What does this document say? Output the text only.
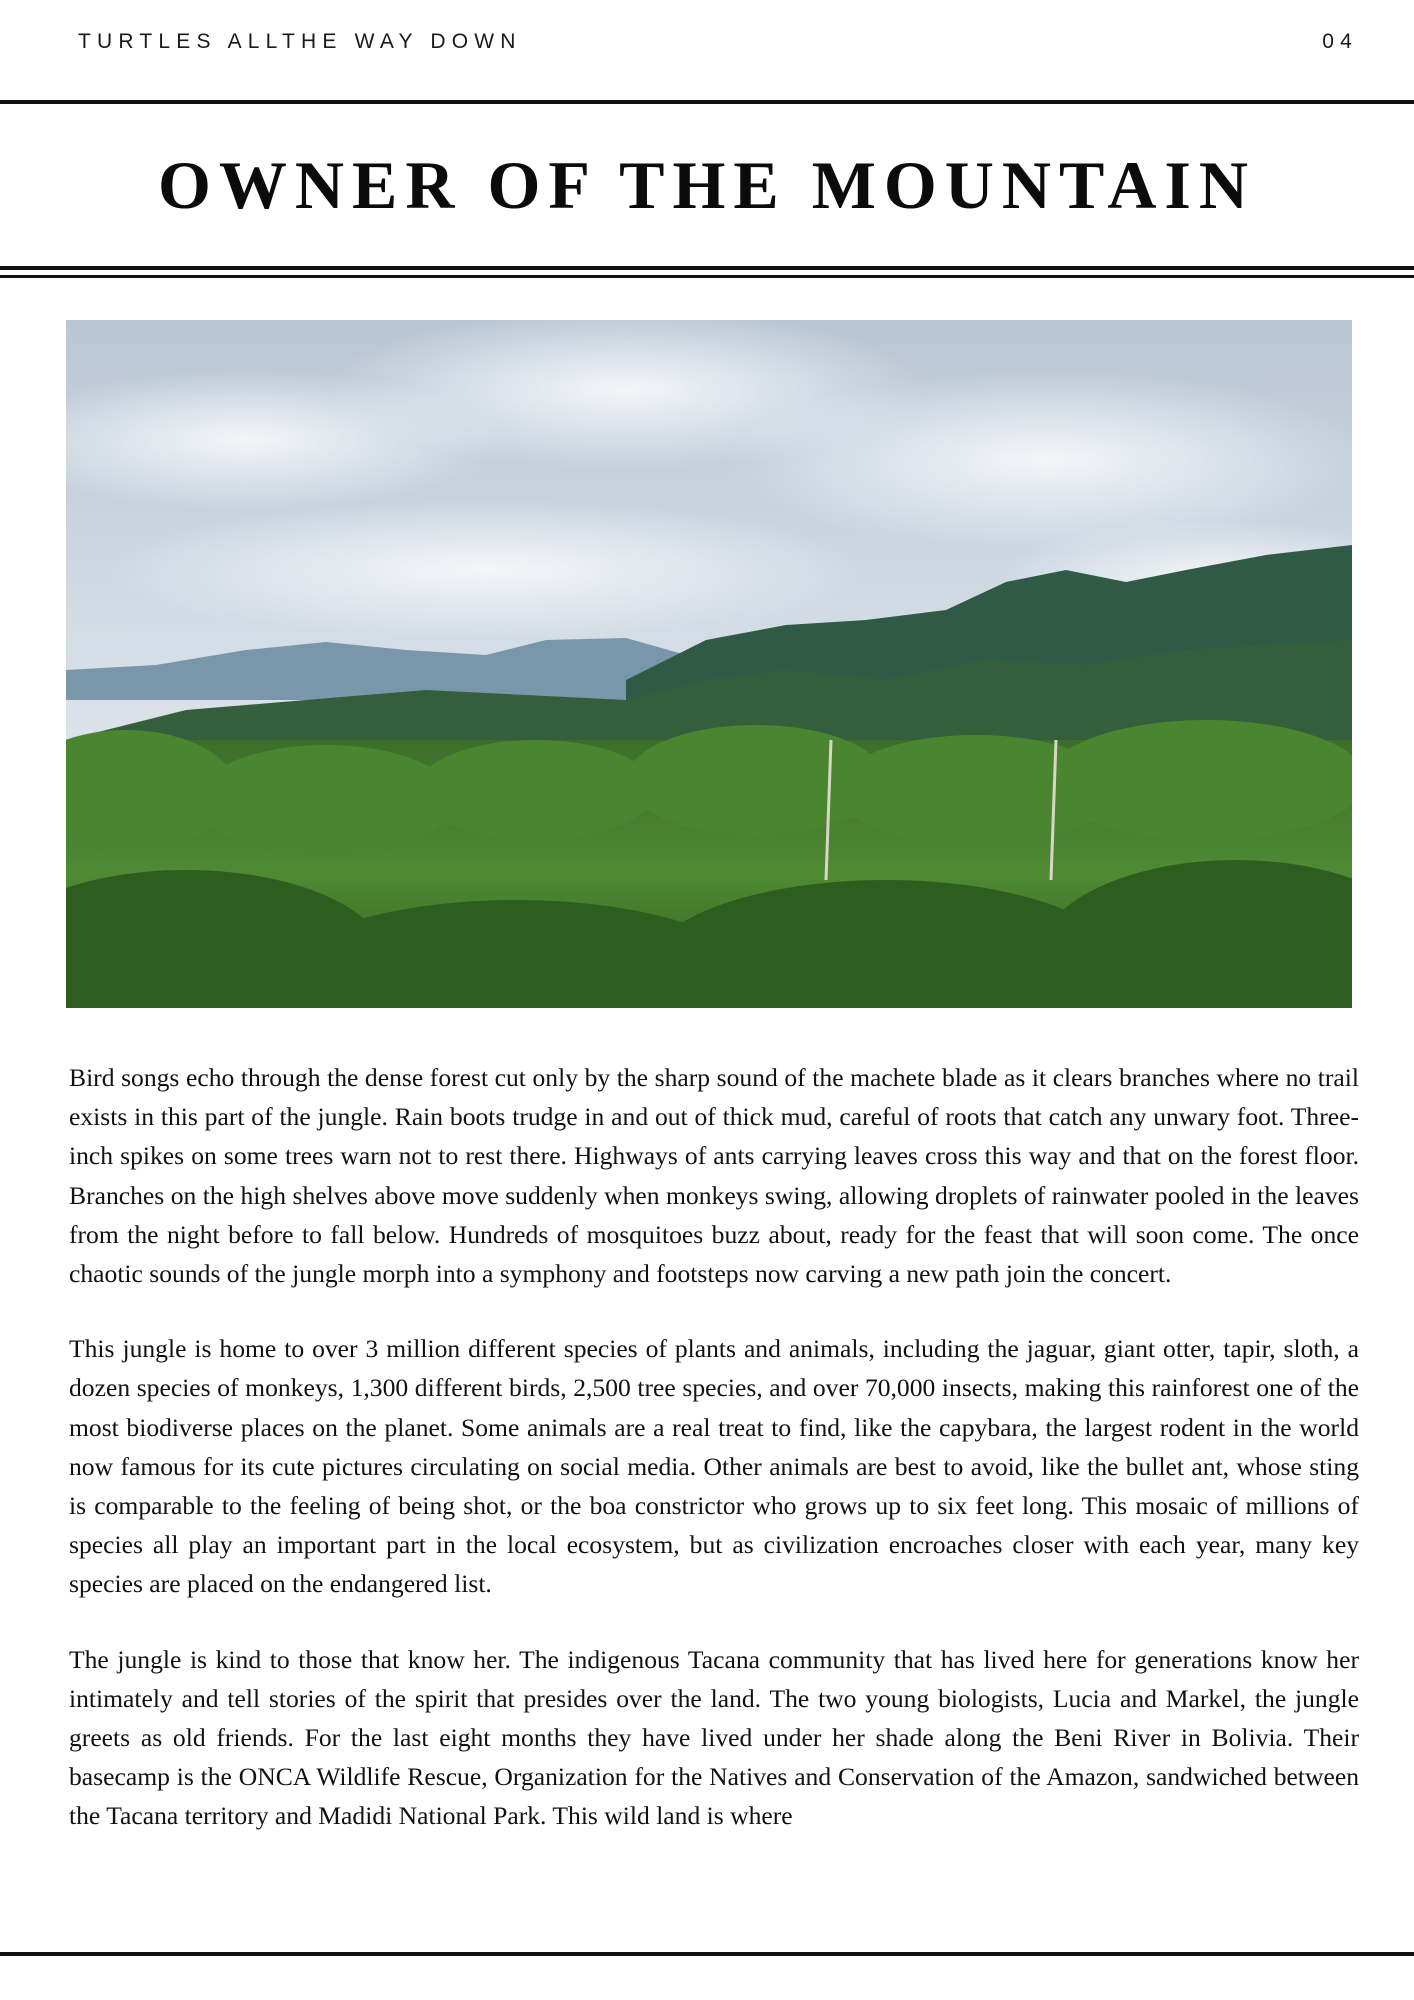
TURTLES ALLTHE WAY DOWN	04
OWNER OF THE MOUNTAIN

Bird songs echo through the dense forest cut only by the sharp sound of the machete blade as it clears branches where no trail exists in this part of the jungle. Rain boots trudge in and out of thick mud, careful of roots that catch any unwary foot. Three-inch spikes on some trees warn not to rest there. Highways of ants carrying leaves cross this way and that on the forest floor. Branches on the high shelves above move suddenly when monkeys swing, allowing droplets of rainwater pooled in the leaves from the night before to fall below. Hundreds of mosquitoes buzz about, ready for the feast that will soon come. The once chaotic sounds of the jungle morph into a symphony and footsteps now carving a new path join the concert.

This jungle is home to over 3 million different species of plants and animals, including the jaguar, giant otter, tapir, sloth, a dozen species of monkeys, 1,300 different birds, 2,500 tree species, and over 70,000 insects, making this rainforest one of the most biodiverse places on the planet. Some animals are a real treat to find, like the capybara, the largest rodent in the world now famous for its cute pictures circulating on social media. Other animals are best to avoid, like the bullet ant, whose sting is comparable to the feeling of being shot, or the boa constrictor who grows up to six feet long. This mosaic of millions of species all play an important part in the local ecosystem, but as civilization encroaches closer with each year, many key species are placed on the endangered list.

The jungle is kind to those that know her. The indigenous Tacana community that has lived here for generations know her intimately and tell stories of the spirit that presides over the land. The two young biologists, Lucia and Markel, the jungle greets as old friends. For the last eight months they have lived under her shade along the Beni River in Bolivia. Their basecamp is the ONCA Wildlife Rescue, Organization for the Natives and Conservation of the Amazon, sandwiched between the Tacana territory and Madidi National Park. This wild land is where
